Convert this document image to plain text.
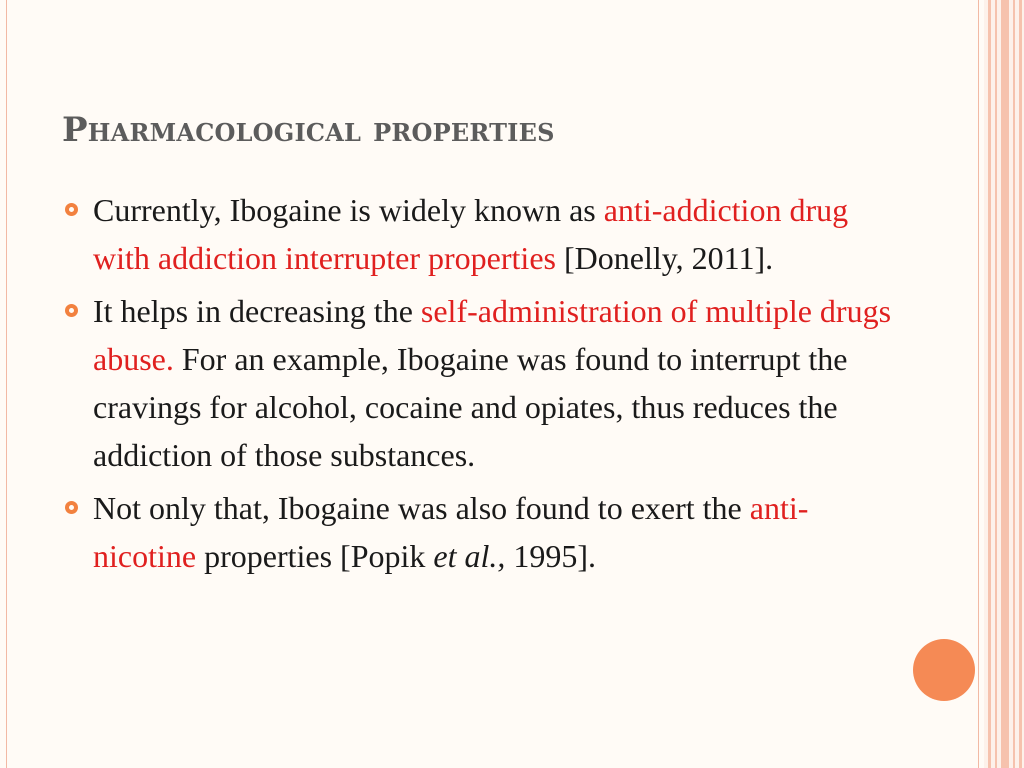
Pharmacological properties
Currently, Ibogaine is widely known as anti-addiction drug with addiction interrupter properties [Donelly, 2011].
It helps in decreasing the self-administration of multiple drugs abuse. For an example, Ibogaine was found to interrupt the cravings for alcohol, cocaine and opiates, thus reduces the addiction of those substances.
Not only that, Ibogaine was also found to exert the anti-nicotine properties [Popik et al., 1995].
